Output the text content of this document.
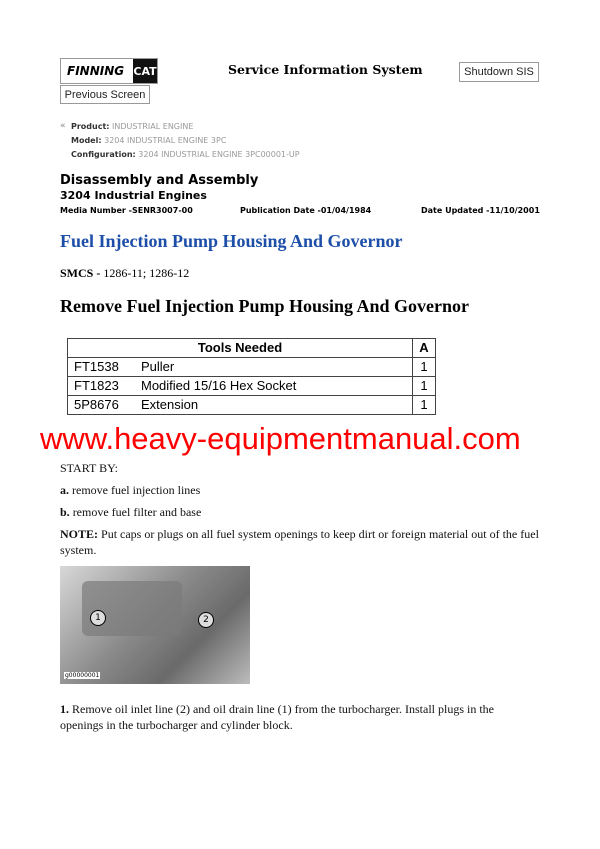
FINNING CAT	Service Information System	Shutdown SIS
Previous Screen
« Product: INDUSTRIAL ENGINE
Model: 3204 INDUSTRIAL ENGINE 3PC
Configuration: 3204 INDUSTRIAL ENGINE 3PC00001-UP
Disassembly and Assembly
3204 Industrial Engines
Media Number -SENR3007-00	Publication Date -01/04/1984	Date Updated -11/10/2001
Fuel Injection Pump Housing And Governor
SMCS - 1286-11; 1286-12
Remove Fuel Injection Pump Housing And Governor
Tools Needed		A
FT1538	Puller	1
FT1823	Modified 15/16 Hex Socket	1
5P8676	Extension	1
www.heavy-equipmentmanual.com
START BY:
a. remove fuel injection lines
b. remove fuel filter and base
NOTE: Put caps or plugs on all fuel system openings to keep dirt or foreign material out of the fuel system.
1	2
g00000001
1. Remove oil inlet line (2) and oil drain line (1) from the turbocharger. Install plugs in the openings in the turbocharger and cylinder block.
